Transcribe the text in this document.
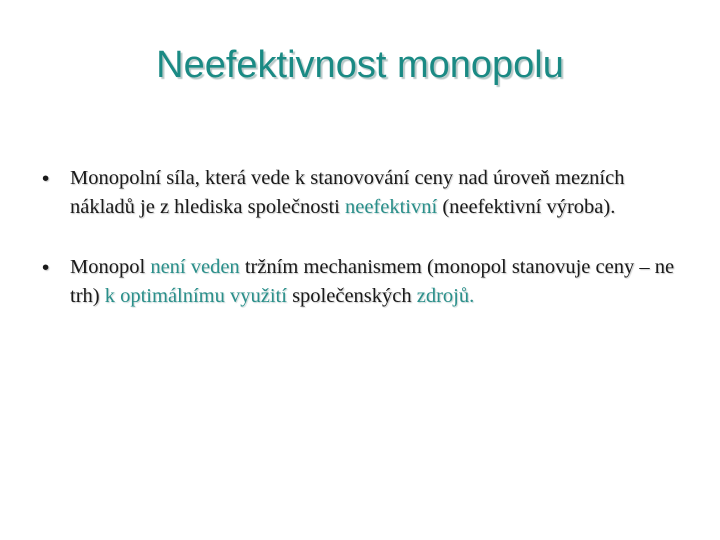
Neefektivnost monopolu
• Monopolní síla, která vede k stanovování ceny nad úroveň mezních nákladů je z hlediska společnosti neefektivní (neefektivní výroba).
• Monopol není veden tržním mechanismem (monopol stanovuje ceny – ne trh) k optimálnímu využití společenských zdrojů.
